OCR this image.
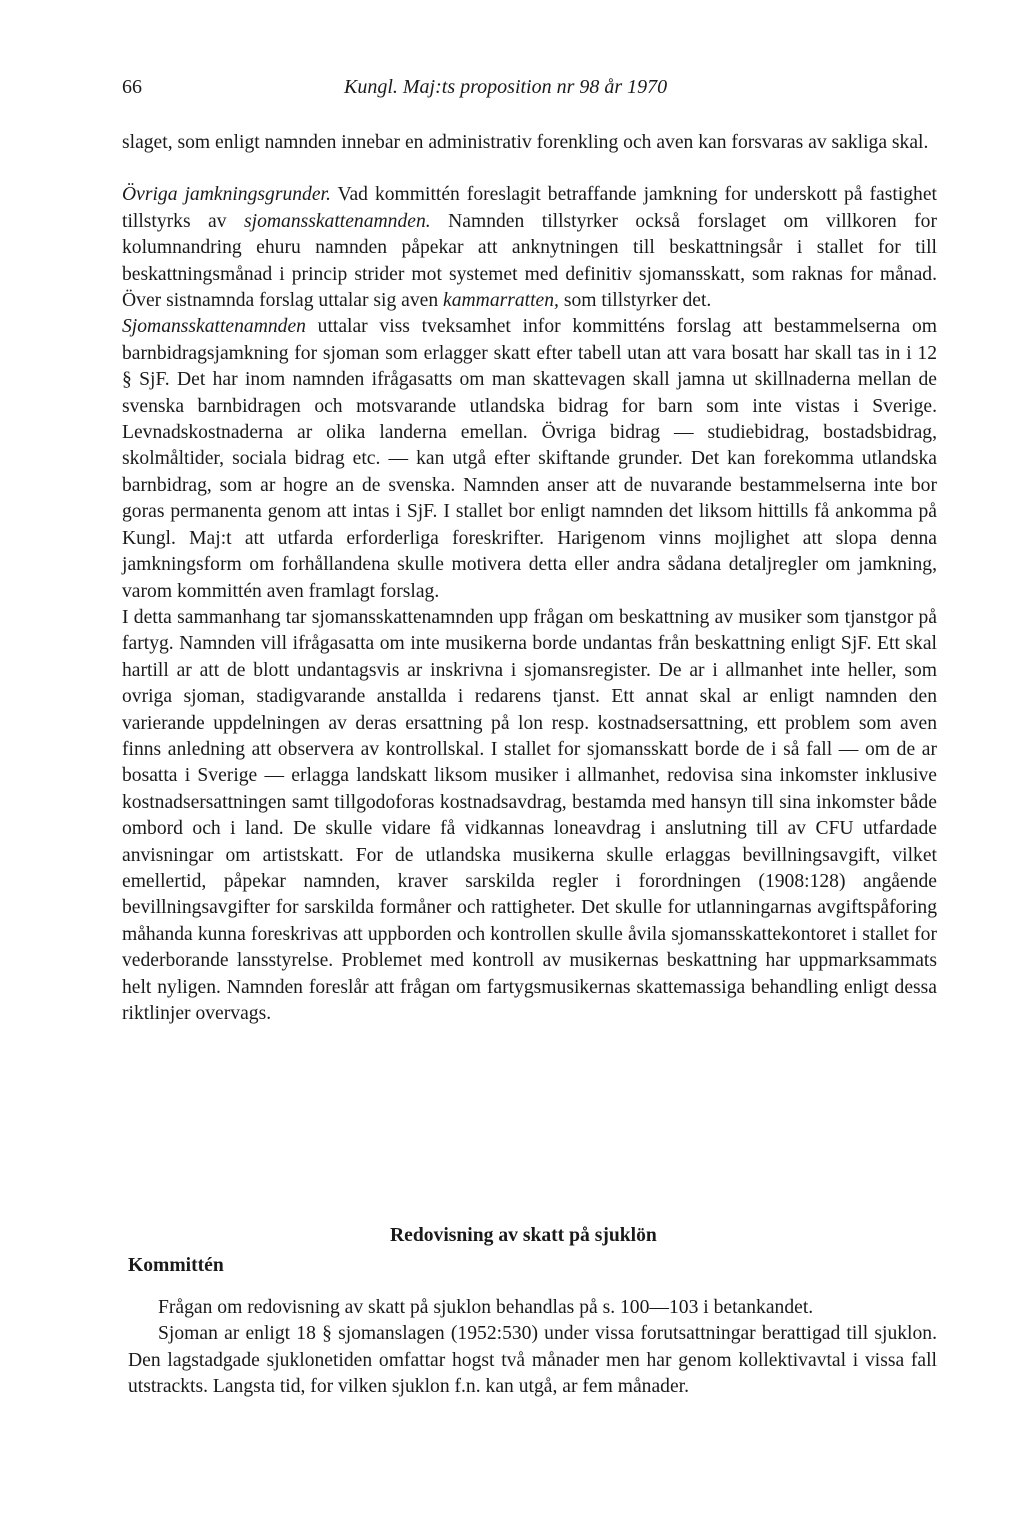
66	Kungl. Maj:ts proposition nr 98 år 1970

slaget, som enligt namnden innebar en administrativ forenkling och aven kan forsvaras av sakliga skal.

Övriga jamkningsgrunder. Vad kommittén foreslagit betraffande jamkning for underskott på fastighet tillstyrks av sjomansskattenamnden. Namnden tillstyrker också forslaget om villkoren for kolumnandring ehuru namnden påpekar att anknytningen till beskattningsår i stallet for till beskattningsmånad i princip strider mot systemet med definitiv sjomansskatt, som raknas for månad. Över sistnamnda forslag uttalar sig aven kammarratten, som tillstyrker det.

Sjomansskattenamnden uttalar viss tveksamhet infor kommitténs forslag att bestammelserna om barnbidragsjamkning for sjoman som erlagger skatt efter tabell utan att vara bosatt har skall tas in i 12 § SjF. Det har inom namnden ifrågasatts om man skattevagen skall jamna ut skillnaderna mellan de svenska barnbidragen och motsvarande utlandska bidrag for barn som inte vistas i Sverige. Levnadskostnaderna ar olika landerna emellan. Övriga bidrag — studiebidrag, bostadsbidrag, skolmåltider, sociala bidrag etc. — kan utgå efter skiftande grunder. Det kan forekomma utlandska barnbidrag, som ar hogre an de svenska. Namnden anser att de nuvarande bestammelserna inte bor goras permanenta genom att intas i SjF. I stallet bor enligt namnden det liksom hittills få ankomma på Kungl. Maj:t att utfarda erforderliga foreskrifter. Harigenom vinns mojlighet att slopa denna jamkningsform om forhållandena skulle motivera detta eller andra sådana detaljregler om jamkning, varom kommittén aven framlagt forslag.

I detta sammanhang tar sjomansskattenamnden upp frågan om beskattning av musiker som tjanstgor på fartyg. Namnden vill ifrågasatta om inte musikerna borde undantas från beskattning enligt SjF. Ett skal hartill ar att de blott undantagsvis ar inskrivna i sjomansregister. De ar i allmanhet inte heller, som ovriga sjoman, stadigvarande anstallda i redarens tjanst. Ett annat skal ar enligt namnden den varierande uppdelningen av deras ersattning på lon resp. kostnadsersattning, ett problem som aven finns anledning att observera av kontrollskal. I stallet for sjomansskatt borde de i så fall — om de ar bosatta i Sverige — erlagga landskatt liksom musiker i allmanhet, redovisa sina inkomster inklusive kostnadsersattningen samt tillgodoforas kostnadsavdrag, bestamda med hansyn till sina inkomster både ombord och i land. De skulle vidare få vidkannas loneavdrag i anslutning till av CFU utfardade anvisningar om artistskatt. For de utlandska musikerna skulle erlaggas bevillningsavgift, vilket emellertid, påpekar namnden, kraver sarskilda regler i forordningen (1908:128) angående bevillningsavgifter for sarskilda formåner och rattigheter. Det skulle for utlanningarnas avgiftspåforing måhanda kunna foreskrivas att uppborden och kontrollen skulle åvila sjomansskattekontoret i stallet for vederborande lansstyrelse. Problemet med kontroll av musikernas beskattning har uppmarksammats helt nyligen. Namnden foreslår att frågan om fartygsmusikernas skattemassiga behandling enligt dessa riktlinjer overvags.

Redovisning av skatt på sjuklön
Kommittén

Frågan om redovisning av skatt på sjuklon behandlas på s. 100—103 i betankandet.

Sjoman ar enligt 18 § sjomanslagen (1952:530) under vissa forutsattningar berattigad till sjuklon. Den lagstadgade sjuklonetiden omfattar hogst två månader men har genom kollektivavtal i vissa fall utstrackts. Langsta tid, for vilken sjuklon f.n. kan utgå, ar fem månader.
